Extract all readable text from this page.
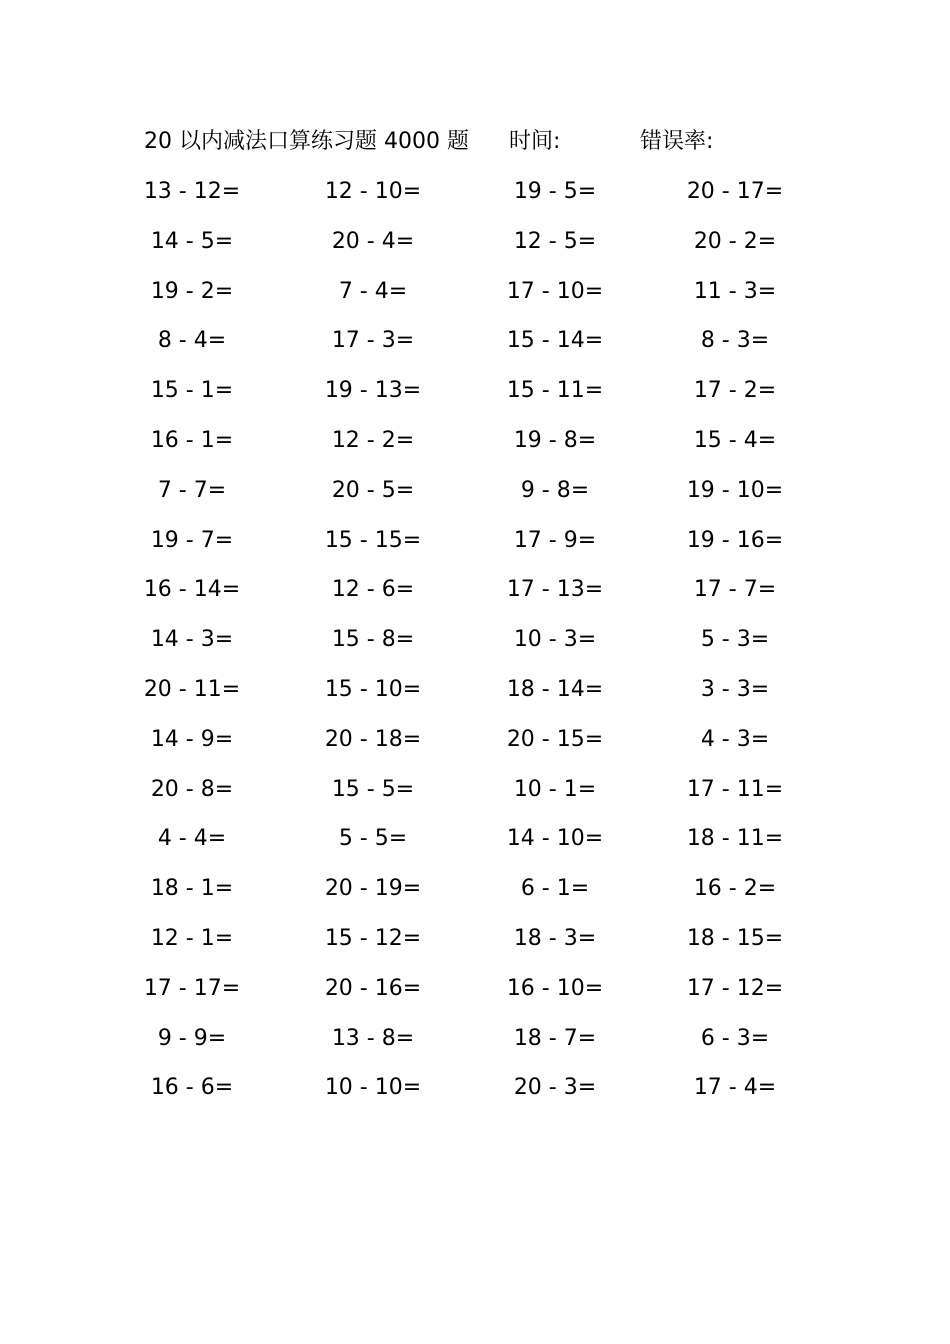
20 以内减法口算练习题 4000 题 时间:	错误率:
13 - 12=	12 - 10=	19 - 5=	20 - 17=
14 - 5=	20 - 4=	12 - 5=	20 - 2=
19 - 2=	7 - 4=	17 - 10=	11 - 3=
8 - 4=	17 - 3=	15 - 14=	8 - 3=
15 - 1=	19 - 13=	15 - 11=	17 - 2=
16 - 1=	12 - 2=	19 - 8=	15 - 4=
7 - 7=	20 - 5=	9 - 8=	19 - 10=
19 - 7=	15 - 15=	17 - 9=	19 - 16=
16 - 14=	12 - 6=	17 - 13=	17 - 7=
14 - 3=	15 - 8=	10 - 3=	5 - 3=
20 - 11=	15 - 10=	18 - 14=	3 - 3=
14 - 9=	20 - 18=	20 - 15=	4 - 3=
20 - 8=	15 - 5=	10 - 1=	17 - 11=
4 - 4=	5 - 5=	14 - 10=	18 - 11=
18 - 1=	20 - 19=	6 - 1=	16 - 2=
12 - 1=	15 - 12=	18 - 3=	18 - 15=
17 - 17=	20 - 16=	16 - 10=	17 - 12=
9 - 9=	13 - 8=	18 - 7=	6 - 3=
16 - 6=	10 - 10=	20 - 3=	17 - 4=
